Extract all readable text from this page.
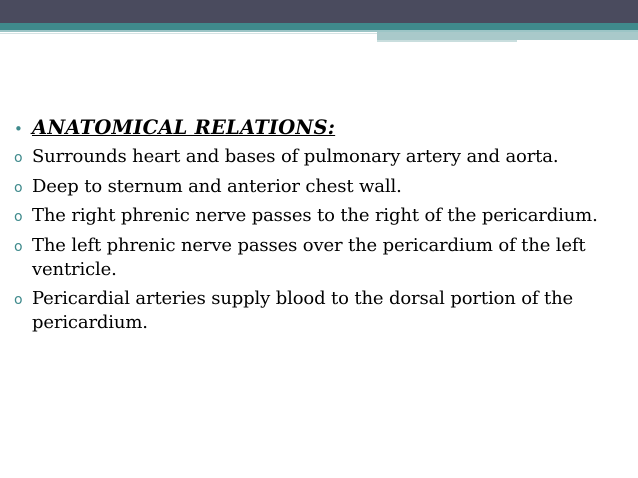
• ANATOMICAL RELATIONS:
o Surrounds heart and bases of pulmonary artery and aorta.
o Deep to sternum and anterior chest wall.
o The right phrenic nerve passes to the right of the pericardium.
o The left phrenic nerve passes over the pericardium of the left ventricle.
o Pericardial arteries supply blood to the dorsal portion of the pericardium.
